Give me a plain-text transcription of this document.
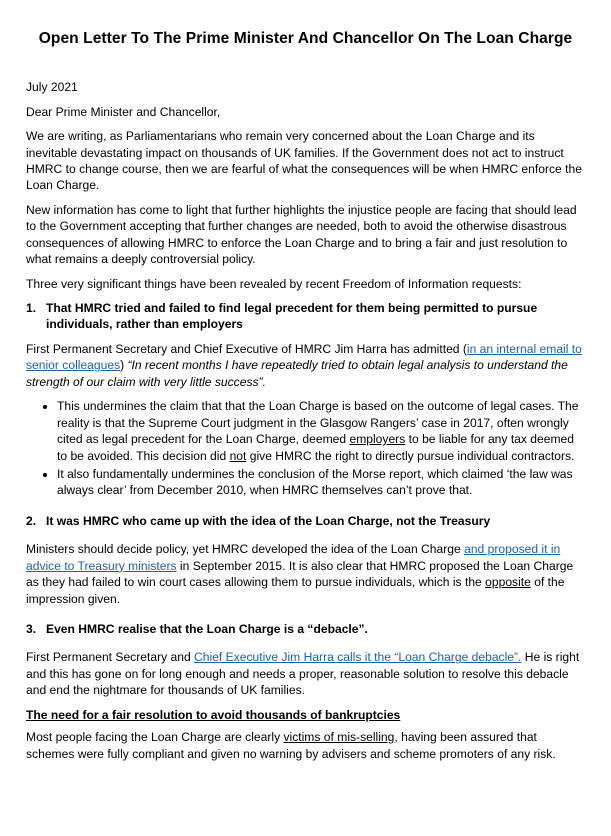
Open Letter To The Prime Minister And Chancellor On The Loan Charge

July 2021

Dear Prime Minister and Chancellor,

We are writing, as Parliamentarians who remain very concerned about the Loan Charge and its inevitable devastating impact on thousands of UK families. If the Government does not act to instruct HMRC to change course, then we are fearful of what the consequences will be when HMRC enforce the Loan Charge.

New information has come to light that further highlights the injustice people are facing that should lead to the Government accepting that further changes are needed, both to avoid the otherwise disastrous consequences of allowing HMRC to enforce the Loan Charge and to bring a fair and just resolution to what remains a deeply controversial policy.

Three very significant things have been revealed by recent Freedom of Information requests:

1. That HMRC tried and failed to find legal precedent for them being permitted to pursue individuals, rather than employers

First Permanent Secretary and Chief Executive of HMRC Jim Harra has admitted (in an internal email to senior colleagues) “In recent months I have repeatedly tried to obtain legal analysis to understand the strength of our claim with very little success”.

• This undermines the claim that that the Loan Charge is based on the outcome of legal cases. The reality is that the Supreme Court judgment in the Glasgow Rangers’ case in 2017, often wrongly cited as legal precedent for the Loan Charge, deemed employers to be liable for any tax deemed to be avoided. This decision did not give HMRC the right to directly pursue individual contractors.
• It also fundamentally undermines the conclusion of the Morse report, which claimed ‘the law was always clear’ from December 2010, when HMRC themselves can’t prove that.
2. It was HMRC who came up with the idea of the Loan Charge, not the Treasury

Ministers should decide policy, yet HMRC developed the idea of the Loan Charge and proposed it in advice to Treasury ministers in September 2015. It is also clear that HMRC proposed the Loan Charge as they had failed to win court cases allowing them to pursue individuals, which is the opposite of the impression given.

3. Even HMRC realise that the Loan Charge is a “debacle”.

First Permanent Secretary and Chief Executive Jim Harra calls it the “Loan Charge debacle”. He is right and this has gone on for long enough and needs a proper, reasonable solution to resolve this debacle and end the nightmare for thousands of UK families.

The need for a fair resolution to avoid thousands of bankruptcies

Most people facing the Loan Charge are clearly victims of mis-selling, having been assured that schemes were fully compliant and given no warning by advisers and scheme promoters of any risk.
